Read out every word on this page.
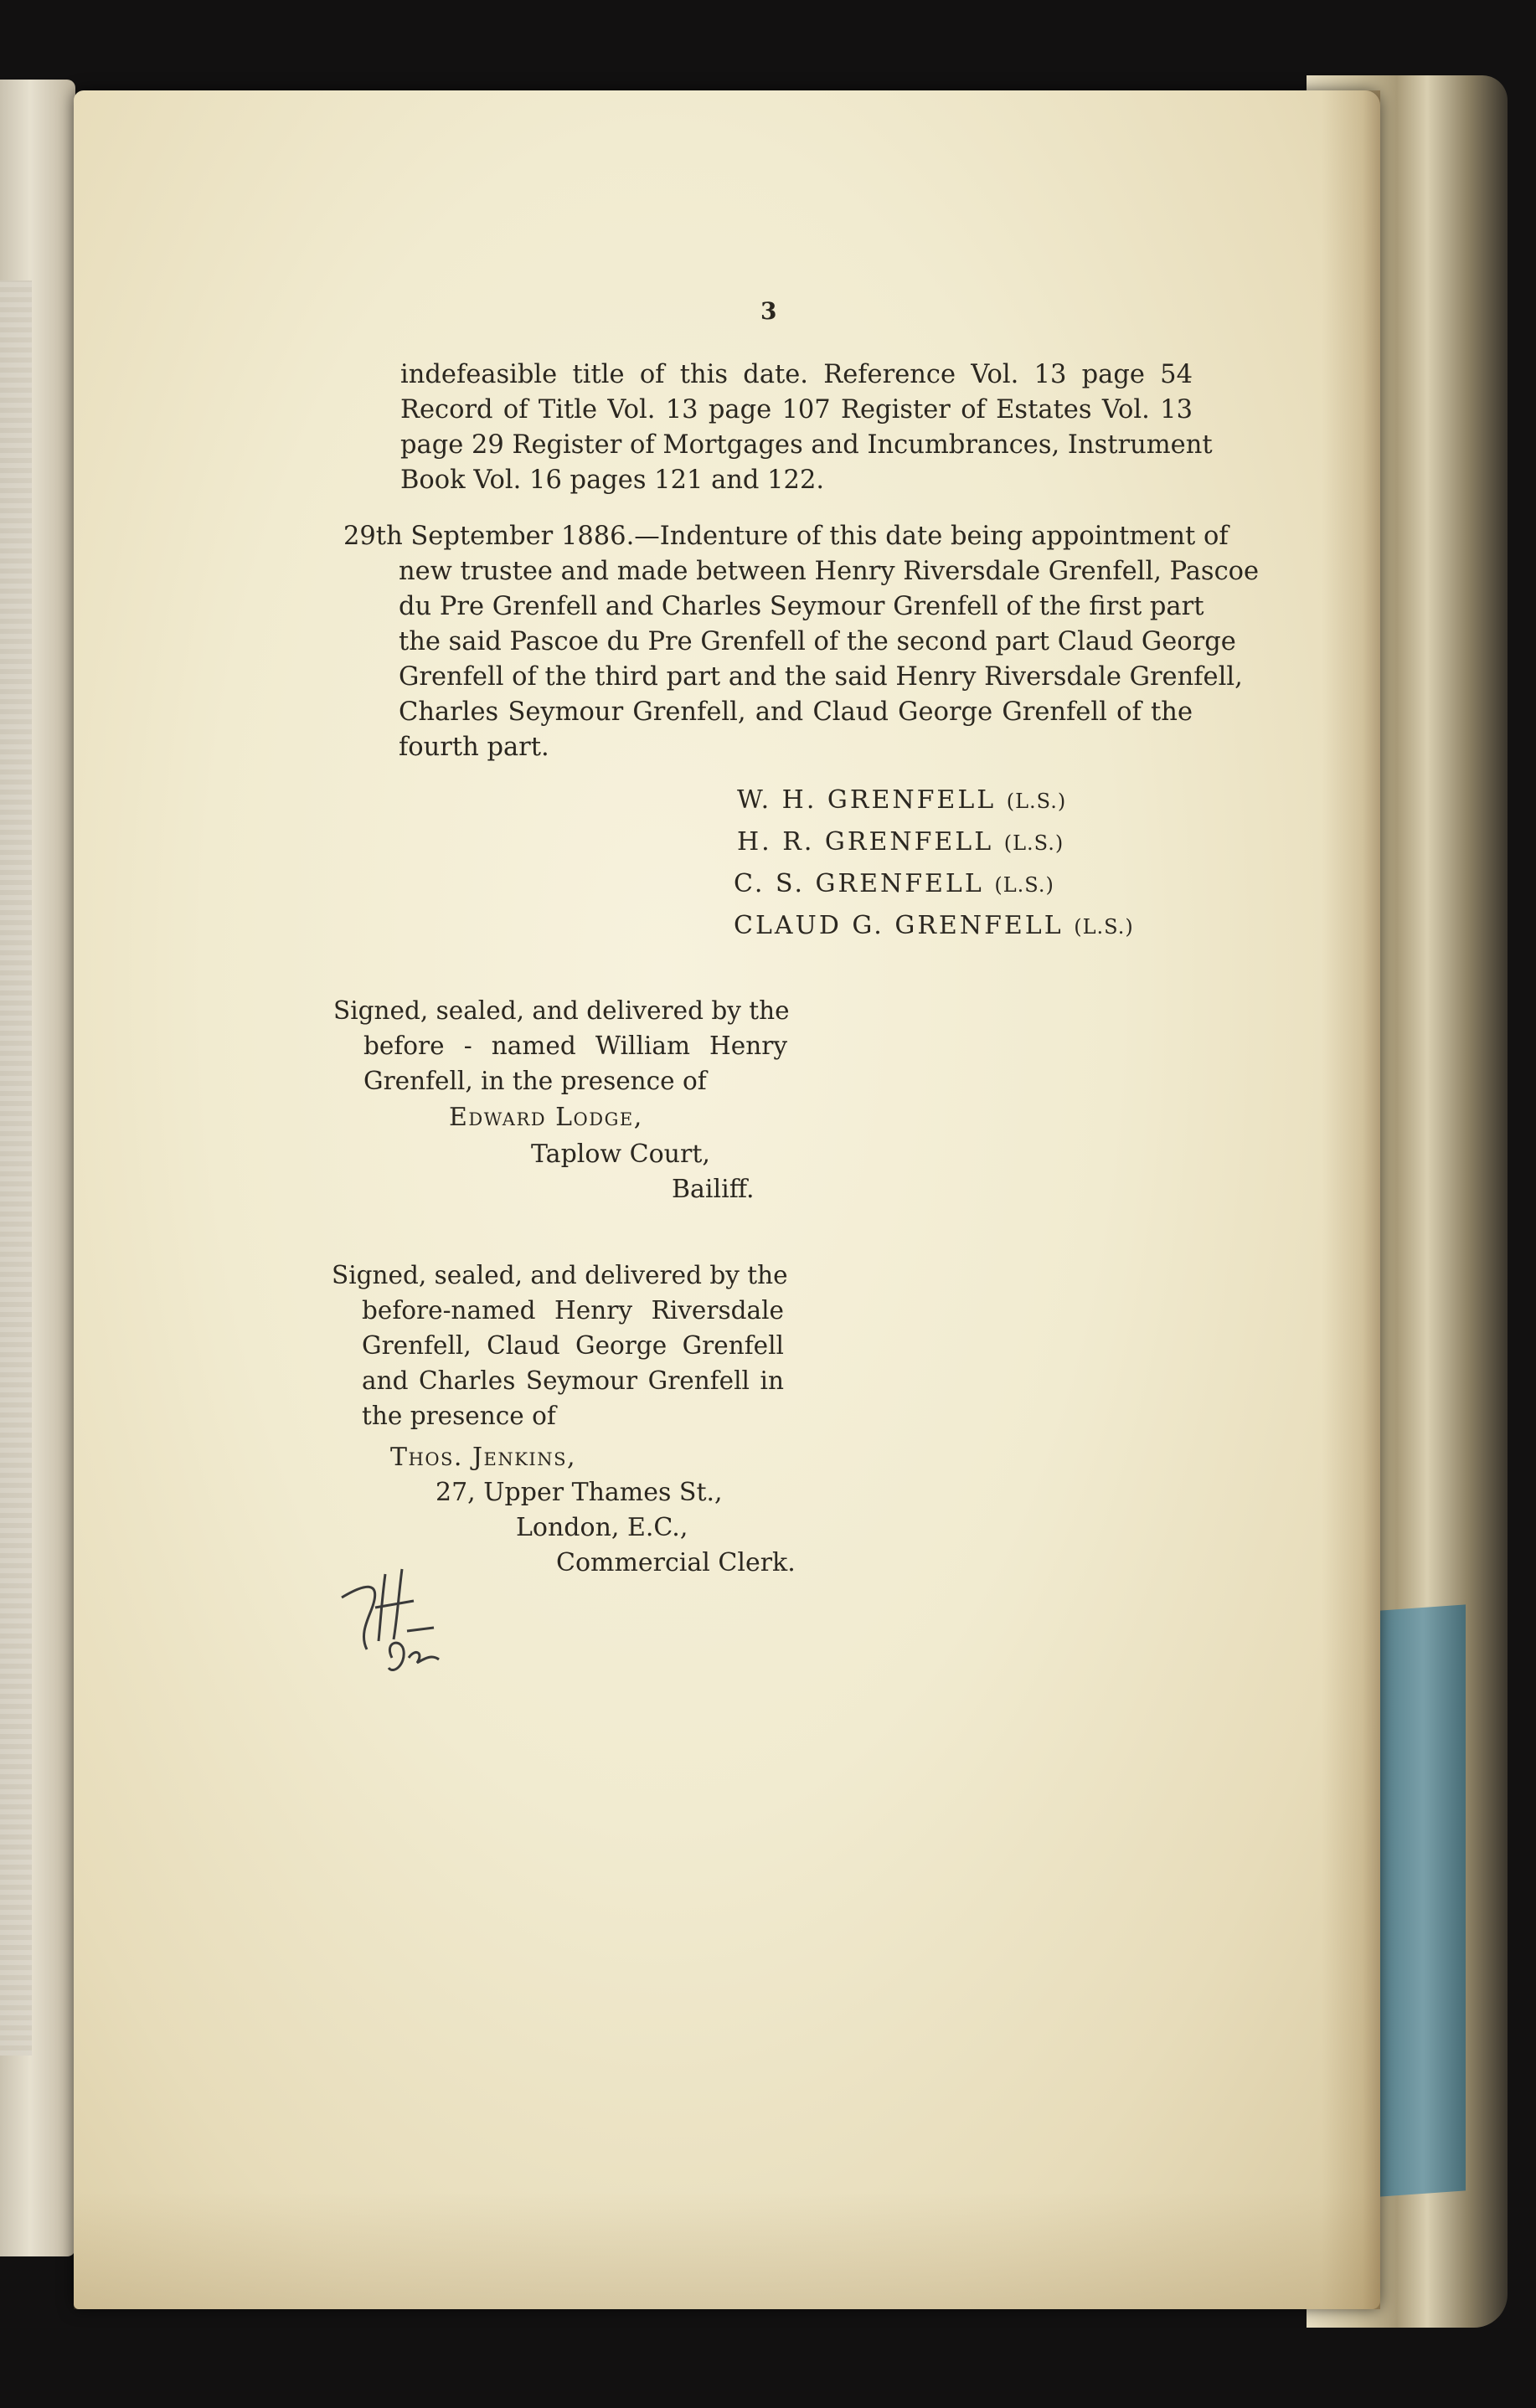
3
indefeasible title of this date. Reference Vol. 13 page 54
Record of Title Vol. 13 page 107 Register of Estates Vol. 13
page 29 Register of Mortgages and Incumbrances, Instrument
Book Vol. 16 pages 121 and 122.
29th September 1886.—Indenture of this date being appointment of
new trustee and made between Henry Riversdale Grenfell, Pascoe
du Pre Grenfell and Charles Seymour Grenfell of the first part
the said Pascoe du Pre Grenfell of the second part Claud George
Grenfell of the third part and the said Henry Riversdale Grenfell,
Charles Seymour Grenfell, and Claud George Grenfell of the
fourth part.
W. H. GRENFELL (L.S.)
H. R. GRENFELL (L.S.)
C. S. GRENFELL (L.S.)
CLAUD G. GRENFELL (L.S.)
Signed, sealed, and delivered by the
before - named William Henry
Grenfell, in the presence of
Edward Lodge,
Taplow Court,
Bailiff.
Signed, sealed, and delivered by the
before-named Henry Riversdale
Grenfell, Claud George Grenfell
and Charles Seymour Grenfell in
the presence of
Thos. Jenkins,
27, Upper Thames St.,
London, E.C.,
Commercial Clerk.
